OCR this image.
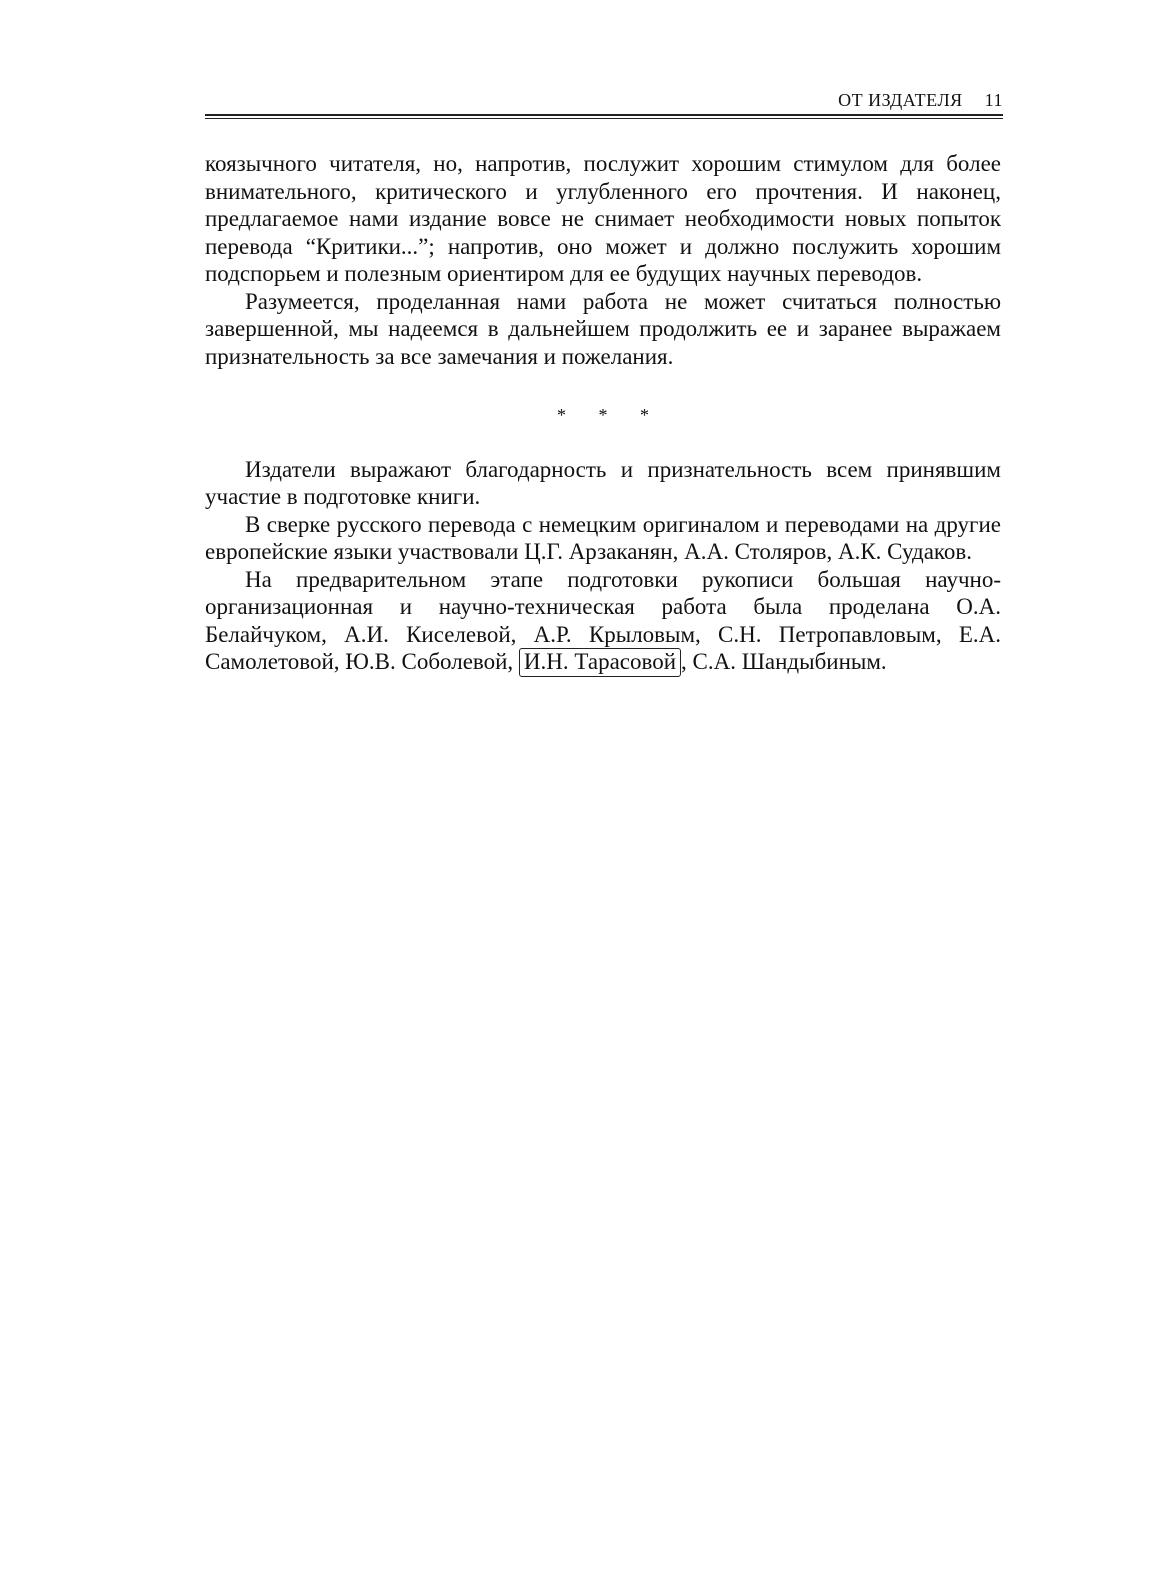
ОТ ИЗДАТЕЛЯ 11

коязычного читателя, но, напротив, послужит хорошим стимулом для более внимательного, критического и углубленного его прочтения. И наконец, предлагаемое нами издание вовсе не снимает необходимости новых попыток перевода “Критики...”; напротив, оно может и должно послужить хорошим подспорьем и полезным ориентиром для ее будущих научных переводов.

Разумеется, проделанная нами работа не может считаться полностью завершенной, мы надеемся в дальнейшем продолжить ее и заранее выражаем признательность за все замечания и пожелания.

* * *

Издатели выражают благодарность и признательность всем принявшим участие в подготовке книги.

В сверке русского перевода с немецким оригиналом и переводами на другие европейские языки участвовали Ц.Г. Арзаканян, А.А. Столяров, А.К. Судаков.

На предварительном этапе подготовки рукописи большая научно-организационная и научно-техническая работа была проделана О.А. Белайчуком, А.И. Киселевой, А.Р. Крыловым, С.Н. Петропавловым, Е.А. Самолетовой, Ю.В. Соболевой, И.Н. Тарасовой , С.А. Шандыбиным.
